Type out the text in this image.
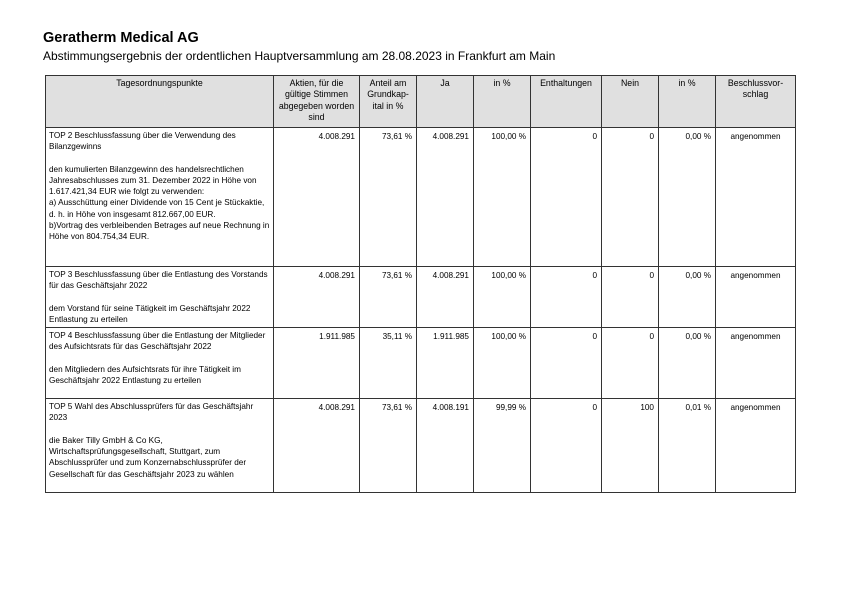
Geratherm Medical AG
Abstimmungsergebnis der ordentlichen Hauptversammlung am 28.08.2023 in Frankfurt am Main
Tagesordnungspunkte	Aktien, für die gültige Stimmen abgegeben worden sind	Anteil am Grundkap-ital in %	Ja	in %	Enthaltungen	Nein	in %	Beschlussvor-schlag

TOP 2 Beschlussfassung über die Verwendung des Bilanzgewinns
den kumulierten Bilanzgewinn des handelsrechtlichen Jahresabschlusses zum 31. Dezember 2022 in Höhe von 1.617.421,34 EUR wie folgt zu verwenden:
a) Ausschüttung einer Dividende von 15 Cent je Stückaktie, d. h. in Höhe von insgesamt 812.667,00 EUR.
b)Vortrag des verbleibenden Betrages auf neue Rechnung in Höhe von 804.754,34 EUR.	4.008.291	73,61 %	4.008.291	100,00 %	0	0	0,00 %	angenommen

TOP 3 Beschlussfassung über die Entlastung des Vorstands für das Geschäftsjahr 2022
dem Vorstand für seine Tätigkeit im Geschäftsjahr 2022 Entlastung zu erteilen	4.008.291	73,61 %	4.008.291	100,00 %	0	0	0,00 %	angenommen

TOP 4 Beschlussfassung über die Entlastung der Mitglieder des Aufsichtsrats für das Geschäftsjahr 2022
den Mitgliedern des Aufsichtsrats für ihre Tätigkeit im Geschäftsjahr 2022 Entlastung zu erteilen	1.911.985	35,11 %	1.911.985	100,00 %	0	0	0,00 %	angenommen

TOP 5 Wahl des Abschlussprüfers für das Geschäftsjahr 2023
die Baker Tilly GmbH & Co KG, Wirtschaftsprüfungsgesellschaft, Stuttgart, zum Abschlussprüfer und zum Konzernabschlussprüfer der Gesellschaft für das Geschäftsjahr 2023 zu wählen	4.008.291	73,61 %	4.008.191	99,99 %	0	100	0,01 %	angenommen
